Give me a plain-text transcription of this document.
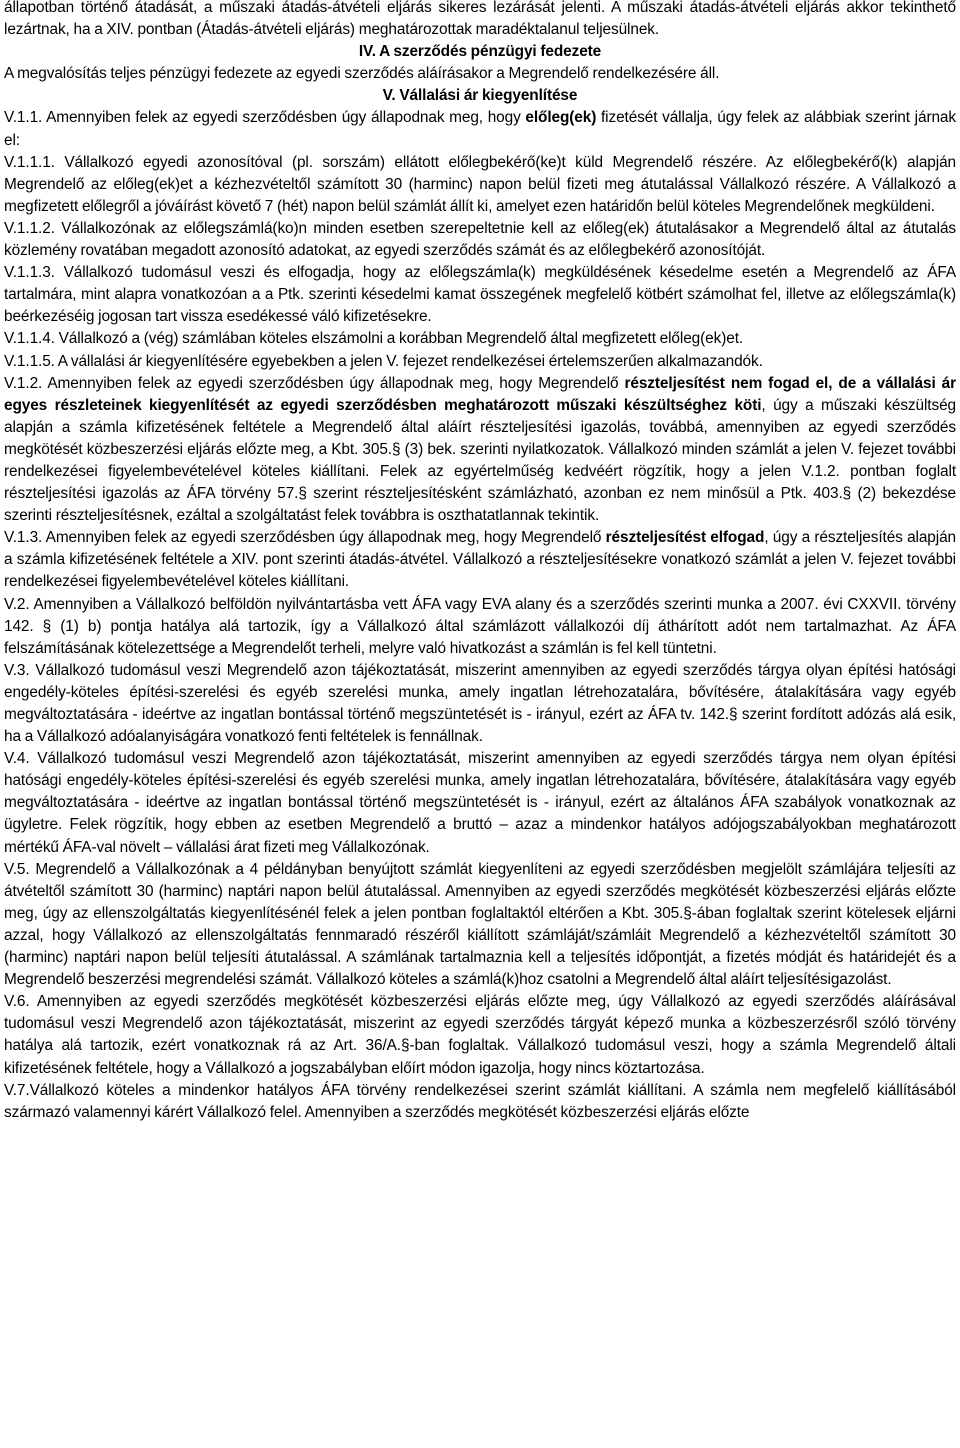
állapotban történő átadását, a műszaki átadás-átvételi eljárás sikeres lezárását jelenti. A műszaki átadás-átvételi eljárás akkor tekinthető lezártnak, ha a XIV. pontban (Átadás-átvételi eljárás) meghatározottak maradéktalanul teljesülnek.

IV. A szerződés pénzügyi fedezete

A megvalósítás teljes pénzügyi fedezete az egyedi szerződés aláírásakor a Megrendelő rendelkezésére áll.

V. Vállalási ár kiegyenlítése

V.1.1. Amennyiben felek az egyedi szerződésben úgy állapodnak meg, hogy előleg(ek) fizetését vállalja, úgy felek az alábbiak szerint járnak el:

V.1.1.1. Vállalkozó egyedi azonosítóval (pl. sorszám) ellátott előlegbekérő(ke)t küld Megrendelő részére. Az előlegbekérő(k) alapján Megrendelő az előleg(ek)et a kézhezvételtől számított 30 (harminc) napon belül fizeti meg átutalással Vállalkozó részére. A Vállalkozó a megfizetett előlegről a jóváírást követő 7 (hét) napon belül számlát állít ki, amelyet ezen határidőn belül köteles Megrendelőnek megküldeni.

V.1.1.2. Vállalkozónak az előlegszámlá(ko)n minden esetben szerepeltetnie kell az előleg(ek) átutalásakor a Megrendelő által az átutalás közlemény rovatában megadott azonosító adatokat, az egyedi szerződés számát és az előlegbekérő azonosítóját.

V.1.1.3. Vállalkozó tudomásul veszi és elfogadja, hogy az előlegszámla(k) megküldésének késedelme esetén a Megrendelő az ÁFA tartalmára, mint alapra vonatkozóan a a Ptk. szerinti késedelmi kamat összegének megfelelő kötbért számolhat fel, illetve az előlegszámla(k) beérkezéséig jogosan tart vissza esedékessé váló kifizetésekre.

V.1.1.4. Vállalkozó a (vég) számlában köteles elszámolni a korábban Megrendelő által megfizetett előleg(ek)et.

V.1.1.5. A vállalási ár kiegyenlítésére egyebekben a jelen V. fejezet rendelkezései értelemszerűen alkalmazandók.

V.1.2. Amennyiben felek az egyedi szerződésben úgy állapodnak meg, hogy Megrendelő részteljesítést nem fogad el, de a vállalási ár egyes részleteinek kiegyenlítését az egyedi szerződésben meghatározott műszaki készültséghez köti, úgy a műszaki készültség alapján a számla kifizetésének feltétele a Megrendelő által aláírt részteljesítési igazolás, továbbá, amennyiben az egyedi szerződés megkötését közbeszerzési eljárás előzte meg, a Kbt. 305.§ (3) bek. szerinti nyilatkozatok. Vállalkozó minden számlát a jelen V. fejezet további rendelkezései figyelembevételével köteles kiállítani. Felek az egyértelműség kedvéért rögzítik, hogy a jelen V.1.2. pontban foglalt részteljesítési igazolás az ÁFA törvény 57.§ szerint részteljesítésként számlázható, azonban ez nem minősül a Ptk. 403.§ (2) bekezdése szerinti részteljesítésnek, ezáltal a szolgáltatást felek továbbra is oszthatatlannak tekintik.

V.1.3. Amennyiben felek az egyedi szerződésben úgy állapodnak meg, hogy Megrendelő részteljesítést elfogad, úgy a részteljesítés alapján a számla kifizetésének feltétele a XIV. pont szerinti átadás-átvétel. Vállalkozó a részteljesítésekre vonatkozó számlát a jelen V. fejezet további rendelkezései figyelembevételével köteles kiállítani.

V.2. Amennyiben a Vállalkozó belföldön nyilvántartásba vett ÁFA vagy EVA alany és a szerződés szerinti munka a 2007. évi CXXVII. törvény 142. § (1) b) pontja hatálya alá tartozik, így a Vállalkozó által számlázott vállalkozói díj áthárított adót nem tartalmazhat. Az ÁFA felszámításának kötelezettsége a Megrendelőt terheli, melyre való hivatkozást a számlán is fel kell tüntetni.

V.3. Vállalkozó tudomásul veszi Megrendelő azon tájékoztatását, miszerint amennyiben az egyedi szerződés tárgya olyan építési hatósági engedély-köteles építési-szerelési és egyéb szerelési munka, amely ingatlan létrehozatalára, bővítésére, átalakítására vagy egyéb megváltoztatására - ideértve az ingatlan bontással történő megszüntetését is - irányul, ezért az ÁFA tv. 142.§ szerint fordított adózás alá esik, ha a Vállalkozó adóalanyiságára vonatkozó fenti feltételek is fennállnak.

V.4. Vállalkozó tudomásul veszi Megrendelő azon tájékoztatását, miszerint amennyiben az egyedi szerződés tárgya nem olyan építési hatósági engedély-köteles építési-szerelési és egyéb szerelési munka, amely ingatlan létrehozatalára, bővítésére, átalakítására vagy egyéb megváltoztatására - ideértve az ingatlan bontással történő megszüntetését is - irányul, ezért az általános ÁFA szabályok vonatkoznak az ügyletre. Felek rögzítik, hogy ebben az esetben Megrendelő a bruttó – azaz a mindenkor hatályos adójogszabályokban meghatározott mértékű ÁFA-val növelt – vállalási árat fizeti meg Vállalkozónak.

V.5. Megrendelő a Vállalkozónak a 4 példányban benyújtott számlát kiegyenlíteni az egyedi szerződésben megjelölt számlájára teljesíti az átvételtől számított 30 (harminc) naptári napon belül átutalással. Amennyiben az egyedi szerződés megkötését közbeszerzési eljárás előzte meg, úgy az ellenszolgáltatás kiegyenlítésénél felek a jelen pontban foglaltaktól eltérően a Kbt. 305.§-ában foglaltak szerint kötelesek eljárni azzal, hogy Vállalkozó az ellenszolgáltatás fennmaradó részéről kiállított számláját/számláit Megrendelő a kézhezvételtől számított 30 (harminc) naptári napon belül teljesíti átutalással. A számlának tartalmaznia kell a teljesítés időpontját, a fizetés módját és határidejét és a Megrendelő beszerzési megrendelési számát. Vállalkozó köteles a számlá(k)hoz csatolni a Megrendelő által aláírt teljesítésigazolást.

V.6. Amennyiben az egyedi szerződés megkötését közbeszerzési eljárás előzte meg, úgy Vállalkozó az egyedi szerződés aláírásával tudomásul veszi Megrendelő azon tájékoztatását, miszerint az egyedi szerződés tárgyát képező munka a közbeszerzésről szóló törvény hatálya alá tartozik, ezért vonatkoznak rá az Art. 36/A.§-ban foglaltak. Vállalkozó tudomásul veszi, hogy a számla Megrendelő általi kifizetésének feltétele, hogy a Vállalkozó a jogszabályban előírt módon igazolja, hogy nincs köztartozása.

V.7.Vállalkozó köteles a mindenkor hatályos ÁFA törvény rendelkezései szerint számlát kiállítani. A számla nem megfelelő kiállításából származó valamennyi kárért Vállalkozó felel. Amennyiben a szerződés megkötését közbeszerzési eljárás előzte
